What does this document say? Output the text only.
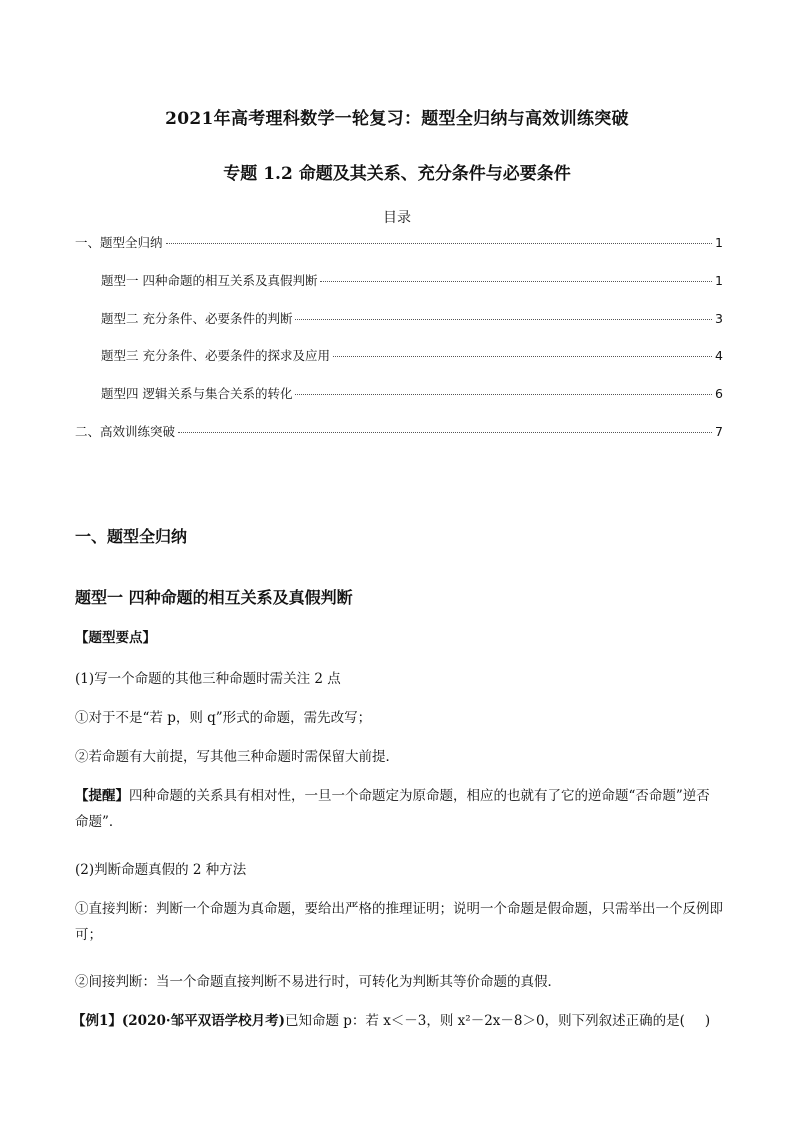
2021年高考理科数学一轮复习：题型全归纳与高效训练突破
专题 1.2 命题及其关系、充分条件与必要条件
目录
一、题型全归纳	1
题型一 四种命题的相互关系及真假判断	1
题型二 充分条件、必要条件的判断	3
题型三 充分条件、必要条件的探求及应用	4
题型四 逻辑关系与集合关系的转化	6
二、高效训练突破	7
一、题型全归纳
题型一 四种命题的相互关系及真假判断
【题型要点】
(1)写一个命题的其他三种命题时需关注 2 点
①对于不是“若 p，则 q”形式的命题，需先改写；
②若命题有大前提，写其他三种命题时需保留大前提．
【提醒】四种命题的关系具有相对性，一旦一个命题定为原命题，相应的也就有了它的逆命题“否命题”逆否命题”．
(2)判断命题真假的 2 种方法
①直接判断：判断一个命题为真命题，要给出严格的推理证明；说明一个命题是假命题，只需举出一个反例即可；
②间接判断：当一个命题直接判断不易进行时，可转化为判断其等价命题的真假．
【例1】(2020·邹平双语学校月考)已知命题 p：若 x＜－3，则 x²－2x－8＞0，则下列叙述正确的是( )
